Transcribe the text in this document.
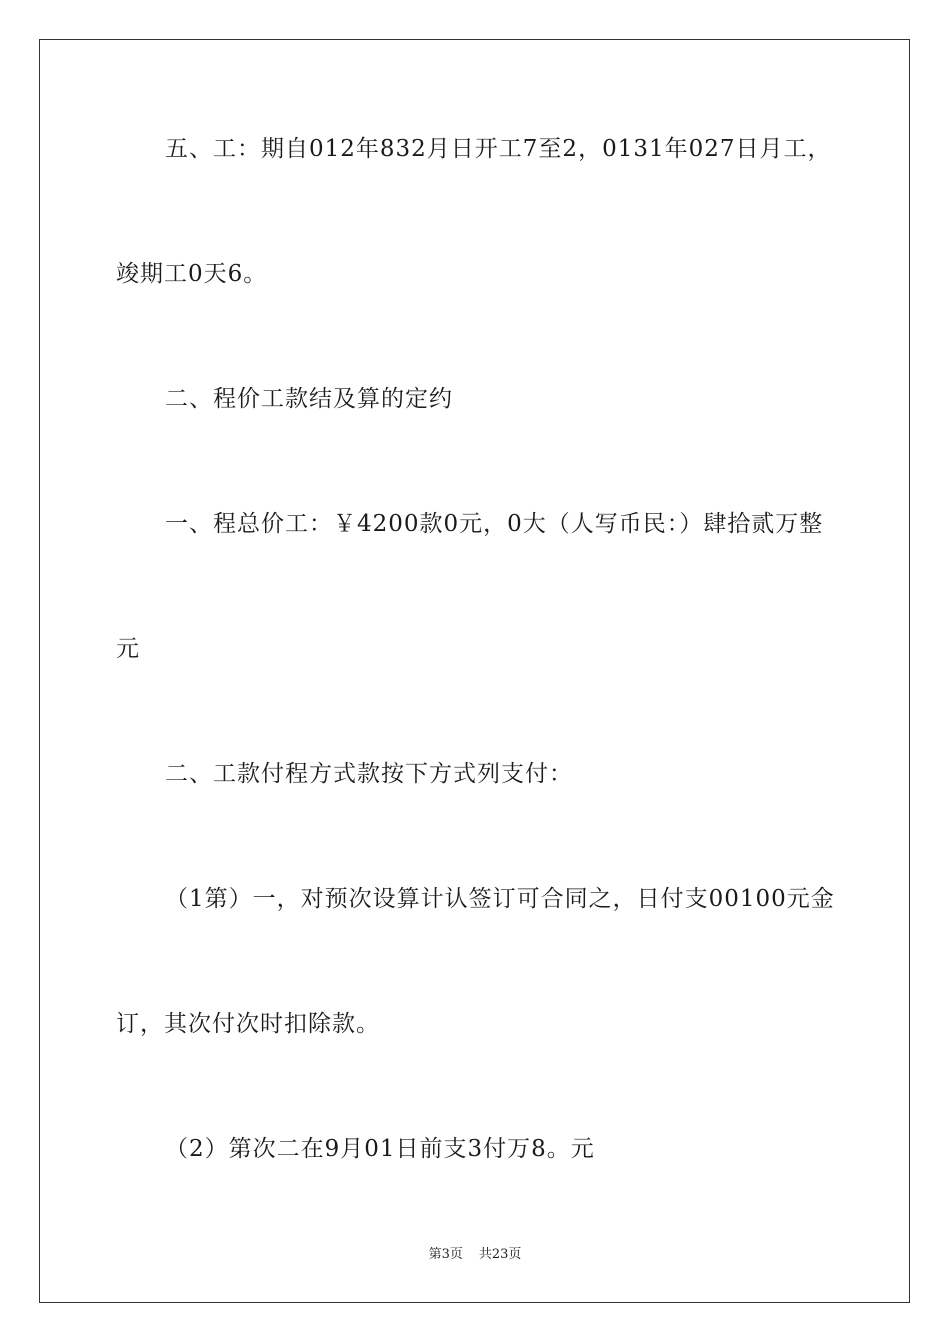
五、工：期自012年832月日开工7至2，0131年027日月工，
竣期工0天6。
二、程价工款结及算的定约
一、程总价工：￥4200款0元，0大（人写币民：）肆拾贰万整
元
二、工款付程方式款按下方式列支付：
（1第）一，对预次设算计认签订可合同之，日付支00100元金
订，其次付次时扣除款。
（2）第次二在9月01日前支3付万8。元
第3页 共23页
